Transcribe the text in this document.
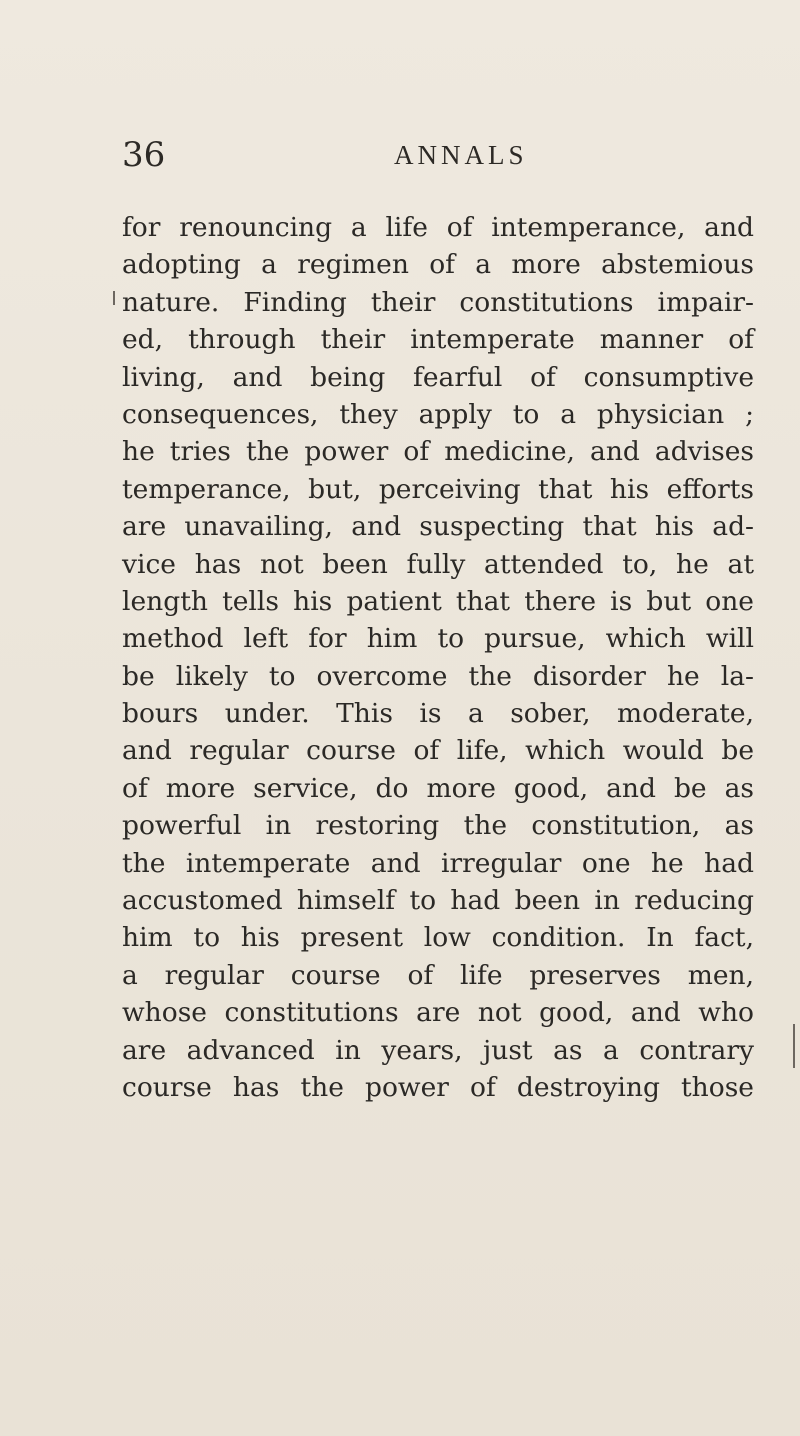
36	ANNALS
for renouncing a life of intemperance, and
adopting a regimen of a more abstemious
nature. Finding their constitutions impair-
ed, through their intemperate manner of
living, and being fearful of consumptive
consequences, they apply to a physician ;
he tries the power of medicine, and advises
temperance, but, perceiving that his efforts
are unavailing, and suspecting that his ad-
vice has not been fully attended to, he at
length tells his patient that there is but one
method left for him to pursue, which will
be likely to overcome the disorder he la-
bours under. This is a sober, moderate,
and regular course of life, which would be
of more service, do more good, and be as
powerful in restoring the constitution, as
the intemperate and irregular one he had
accustomed himself to had been in reducing
him to his present low condition. In fact,
a regular course of life preserves men,
whose constitutions are not good, and who
are advanced in years, just as a contrary
course has the power of destroying those
